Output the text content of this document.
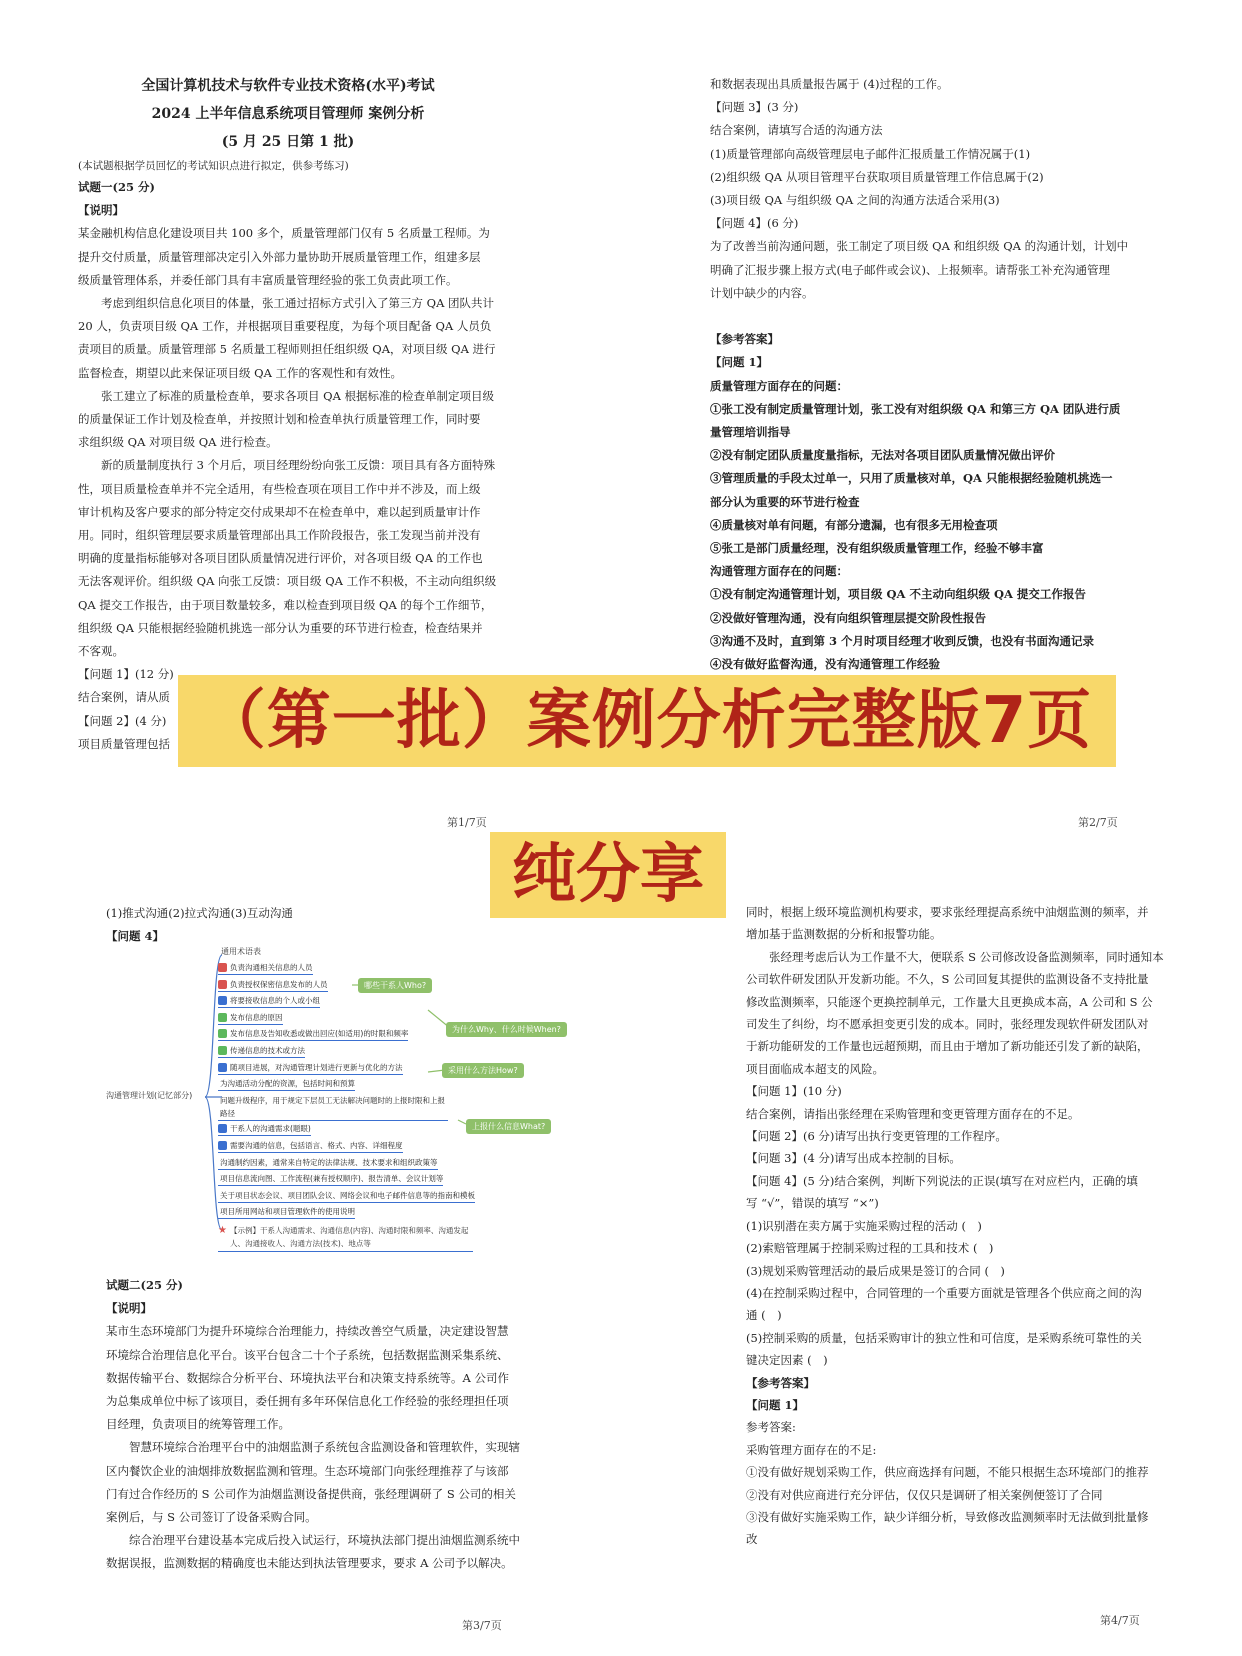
全国计算机技术与软件专业技术资格(水平)考试

2024 上半年信息系统项目管理师 案例分析

(5 月 25 日第 1 批)

(本试题根据学员回忆的考试知识点进行拟定，供参考练习)

试题一(25 分)

【说明】

某金融机构信息化建设项目共 100 多个，质量管理部门仅有 5 名质量工程师。为

提升交付质量，质量管理部决定引入外部力量协助开展质量管理工作，组建多层

级质量管理体系，并委任部门具有丰富质量管理经验的张工负责此项工作。

考虑到组织信息化项目的体量，张工通过招标方式引入了第三方 QA 团队共计

20 人，负责项目级 QA 工作，并根据项目重要程度，为每个项目配备 QA 人员负

责项目的质量。质量管理部 5 名质量工程师则担任组织级 QA，对项目级 QA 进行

监督检查，期望以此来保证项目级 QA 工作的客观性和有效性。

张工建立了标准的质量检查单，要求各项目 QA 根据标准的检查单制定项目级

的质量保证工作计划及检查单，并按照计划和检查单执行质量管理工作，同时要

求组织级 QA 对项目级 QA 进行检查。

新的质量制度执行 3 个月后，项目经理纷纷向张工反馈：项目具有各方面特殊

性，项目质量检查单并不完全适用，有些检查项在项目工作中并不涉及，而上级

审计机构及客户要求的部分特定交付成果却不在检查单中，难以起到质量审计作

用。同时，组织管理层要求质量管理部出具工作阶段报告，张工发现当前并没有

明确的度量指标能够对各项目团队质量情况进行评价，对各项目级 QA 的工作也

无法客观评价。组织级 QA 向张工反馈：项目级 QA 工作不积极，不主动向组织级

QA 提交工作报告，由于项目数量较多，难以检查到项目级 QA 的每个工作细节，

组织级 QA 只能根据经验随机挑选一部分认为重要的环节进行检查，检查结果并

不客观。

【问题 1】(12 分)

结合案例，请从质

【问题 2】(4 分)

项目质量管理包括

第1/7页

和数据表现出具质量报告属于 (4)过程的工作。

【问题 3】(3 分)

结合案例，请填写合适的沟通方法

(1)质量管理部向高级管理层电子邮件汇报质量工作情况属于(1)

(2)组织级 QA 从项目管理平台获取项目质量管理工作信息属于(2)

(3)项目级 QA 与组织级 QA 之间的沟通方法适合采用(3)

【问题 4】(6 分)

为了改善当前沟通问题，张工制定了项目级 QA 和组织级 QA 的沟通计划，计划中

明确了汇报步骤上报方式(电子邮件或会议)、上报频率。请帮张工补充沟通管理

计划中缺少的内容。

【参考答案】

【问题 1】

质量管理方面存在的问题：

①张工没有制定质量管理计划，张工没有对组织级 QA 和第三方 QA 团队进行质

量管理培训指导

②没有制定团队质量度量指标，无法对各项目团队质量情况做出评价

③管理质量的手段太过单一，只用了质量核对单，QA 只能根据经验随机挑选一

部分认为重要的环节进行检查

④质量核对单有问题，有部分遗漏，也有很多无用检查项

⑤张工是部门质量经理，没有组织级质量管理工作，经验不够丰富

沟通管理方面存在的问题：

①没有制定沟通管理计划，项目级 QA 不主动向组织级 QA 提交工作报告

②没做好管理沟通，没有向组织管理层提交阶段性报告

③沟通不及时，直到第 3 个月时项目经理才收到反馈，也没有书面沟通记录

④没有做好监督沟通，没有沟通管理工作经验

第2/7页
（第一批）案例分析完整版7页
纯分享

(1)推式沟通(2)拉式沟通(3)互动沟通

【问题 4】

沟通管理计划(记忆部分)
通用术语表
负责沟通相关信息的人员
负责授权保密信息发布的人员
将要接收信息的个人或小组
发布信息的原因
发布信息及告知收悉或做出回应(如适用)的时限和频率
传递信息的技术或方法
随项目进展，对沟通管理计划进行更新与优化的方法
为沟通活动分配的资源，包括时间和预算
问题升级程序，用于规定下层员工无法解决问题时的上报时限和上报路径
干系人的沟通需求(题眼)
需要沟通的信息，包括语言、格式、内容、详细程度
沟通制约因素，通常来自特定的法律法规、技术要求和组织政策等
项目信息流向图、工作流程(兼有授权顺序)、报告清单、会议计划等
关于项目状态会议、项目团队会议、网络会议和电子邮件信息等的指南和模板
项目所用网站和项目管理软件的使用说明
★ 【示例】干系人沟通需求、沟通信息(内容)、沟通时限和频率、沟通发起人、沟通接收人、沟通方法(技术)、地点等
哪些干系人Who?
为什么Why、什么时候When?
采用什么方法How?
上报什么信息What?

试题二(25 分)

【说明】

某市生态环境部门为提升环境综合治理能力，持续改善空气质量，决定建设智慧

环境综合治理信息化平台。该平台包含二十个子系统，包括数据监测采集系统、

数据传输平台、数据综合分析平台、环境执法平台和决策支持系统等。A 公司作

为总集成单位中标了该项目，委任拥有多年环保信息化工作经验的张经理担任项

目经理，负责项目的统筹管理工作。

智慧环境综合治理平台中的油烟监测子系统包含监测设备和管理软件，实现辖

区内餐饮企业的油烟排放数据监测和管理。生态环境部门向张经理推荐了与该部

门有过合作经历的 S 公司作为油烟监测设备提供商，张经理调研了 S 公司的相关

案例后，与 S 公司签订了设备采购合同。

综合治理平台建设基本完成后投入试运行，环境执法部门提出油烟监测系统中

数据误报，监测数据的精确度也未能达到执法管理要求，要求 A 公司予以解决。

第3/7页

同时，根据上级环境监测机构要求，要求张经理提高系统中油烟监测的频率，并

增加基于监测数据的分析和报警功能。

张经理考虑后认为工作量不大，便联系 S 公司修改设备监测频率，同时通知本

公司软件研发团队开发新功能。不久，S 公司回复其提供的监测设备不支持批量

修改监测频率，只能逐个更换控制单元，工作量大且更换成本高，A 公司和 S 公

司发生了纠纷，均不愿承担变更引发的成本。同时，张经理发现软件研发团队对

于新功能研发的工作量也远超预期，而且由于增加了新功能还引发了新的缺陷，

项目面临成本超支的风险。

【问题 1】(10 分)

结合案例，请指出张经理在采购管理和变更管理方面存在的不足。

【问题 2】(6 分)请写出执行变更管理的工作程序。

【问题 3】(4 分)请写出成本控制的目标。

【问题 4】(5 分)结合案例，判断下列说法的正误(填写在对应栏内，正确的填

写 “√”，错误的填写 “×”)

(1)识别潜在卖方属于实施采购过程的活动 (　)

(2)索赔管理属于控制采购过程的工具和技术 (　)

(3)规划采购管理活动的最后成果是签订的合同 (　)

(4)在控制采购过程中，合同管理的一个重要方面就是管理各个供应商之间的沟

通 (　)

(5)控制采购的质量，包括采购审计的独立性和可信度，是采购系统可靠性的关

键决定因素 (　)

【参考答案】

【问题 1】

参考答案:

采购管理方面存在的不足:

①没有做好规划采购工作，供应商选择有问题，不能只根据生态环境部门的推荐

②没有对供应商进行充分评估，仅仅只是调研了相关案例便签订了合同

③没有做好实施采购工作，缺少详细分析，导致修改监测频率时无法做到批量修

改

第4/7页
